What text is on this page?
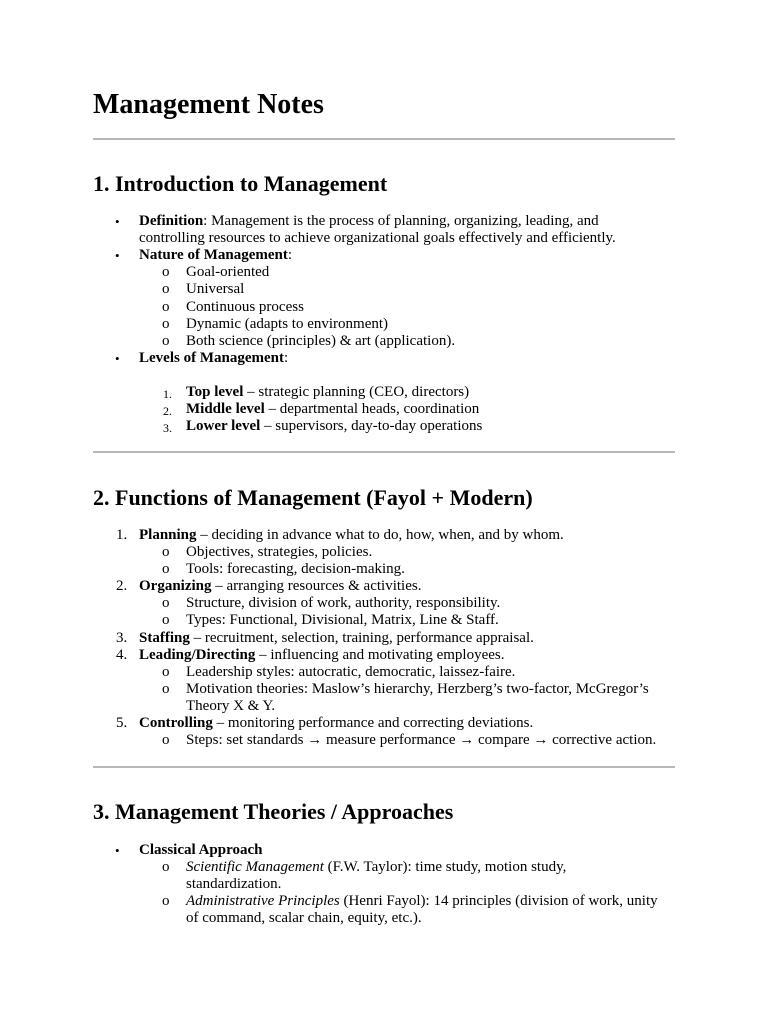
Management Notes
1. Introduction to Management
• Definition: Management is the process of planning, organizing, leading, and
controlling resources to achieve organizational goals effectively and efficiently.
• Nature of Management:
o Goal-oriented
o Universal
o Continuous process
o Dynamic (adapts to environment)
o Both science (principles) & art (application).
• Levels of Management:
1. Top level – strategic planning (CEO, directors)
2. Middle level – departmental heads, coordination
3. Lower level – supervisors, day-to-day operations
2. Functions of Management (Fayol + Modern)
1. Planning – deciding in advance what to do, how, when, and by whom.
o Objectives, strategies, policies.
o Tools: forecasting, decision-making.
2. Organizing – arranging resources & activities.
o Structure, division of work, authority, responsibility.
o Types: Functional, Divisional, Matrix, Line & Staff.
3. Staffing – recruitment, selection, training, performance appraisal.
4. Leading/Directing – influencing and motivating employees.
o Leadership styles: autocratic, democratic, laissez-faire.
o Motivation theories: Maslow’s hierarchy, Herzberg’s two-factor, McGregor’s
Theory X & Y.
5. Controlling – monitoring performance and correcting deviations.
o Steps: set standards → measure performance → compare → corrective action.
3. Management Theories / Approaches
• Classical Approach
o Scientific Management (F.W. Taylor): time study, motion study,
standardization.
o Administrative Principles (Henri Fayol): 14 principles (division of work, unity
of command, scalar chain, equity, etc.).
